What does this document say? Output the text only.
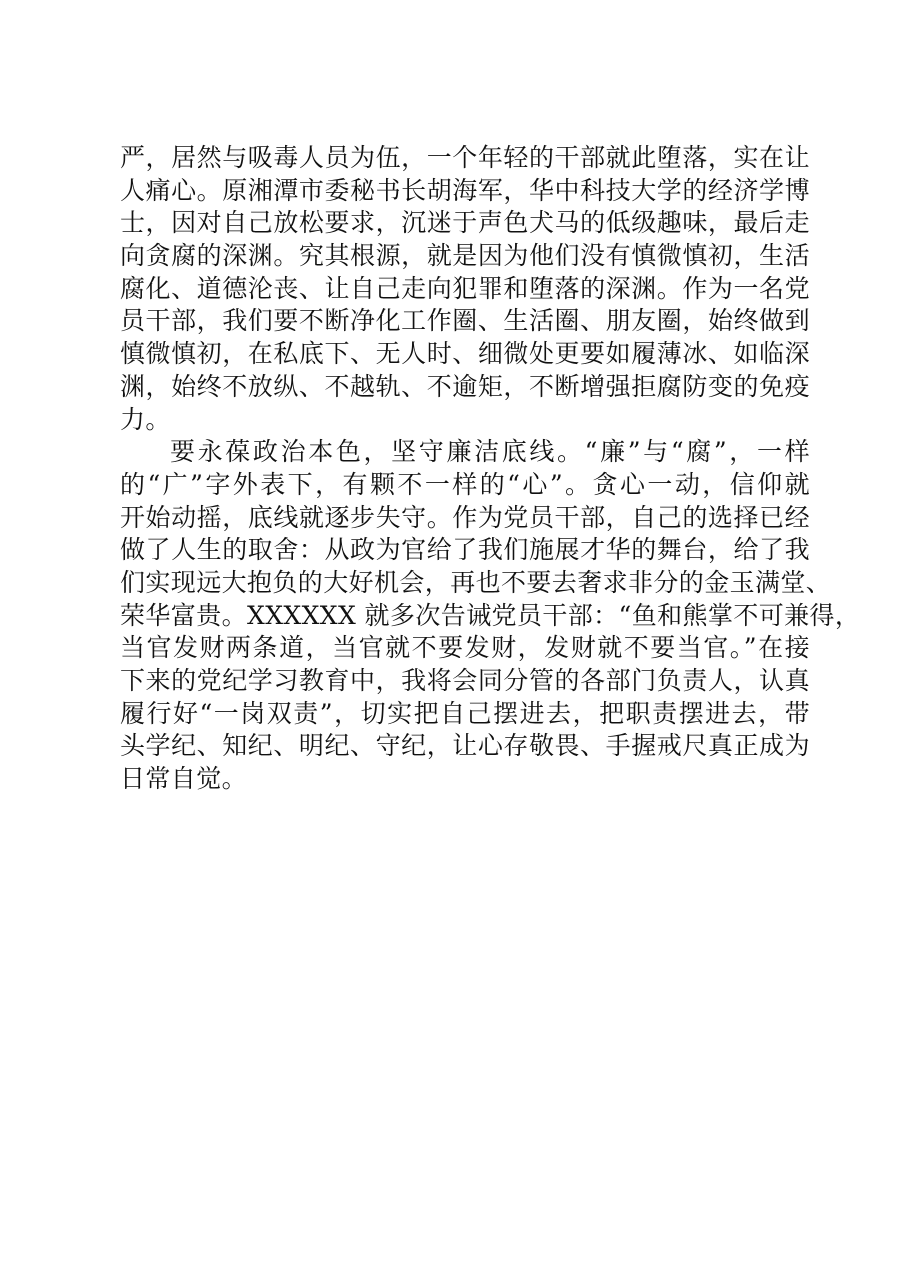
严，居然与吸毒人员为伍，一个年轻的干部就此堕落，实在让
人痛心。原湘潭市委秘书长胡海军，华中科技大学的经济学博
士，因对自己放松要求，沉迷于声色犬马的低级趣味，最后走
向贪腐的深渊。究其根源，就是因为他们没有慎微慎初，生活
腐化、道德沦丧、让自己走向犯罪和堕落的深渊。作为一名党
员干部，我们要不断净化工作圈、生活圈、朋友圈，始终做到
慎微慎初，在私底下、无人时、细微处更要如履薄冰、如临深
渊，始终不放纵、不越轨、不逾矩，不断增强拒腐防变的免疫
力。
要永葆政治本色，坚守廉洁底线。“廉”与“腐”，一样
的“广”字外表下，有颗不一样的“心”。贪心一动，信仰就
开始动摇，底线就逐步失守。作为党员干部，自己的选择已经
做了人生的取舍：从政为官给了我们施展才华的舞台，给了我
们实现远大抱负的大好机会，再也不要去奢求非分的金玉满堂、
荣华富贵。XXXXXX 就多次告诫党员干部：“鱼和熊掌不可兼得，
当官发财两条道，当官就不要发财，发财就不要当官。”在接
下来的党纪学习教育中，我将会同分管的各部门负责人，认真
履行好“一岗双责”，切实把自己摆进去，把职责摆进去，带
头学纪、知纪、明纪、守纪，让心存敬畏、手握戒尺真正成为
日常自觉。
